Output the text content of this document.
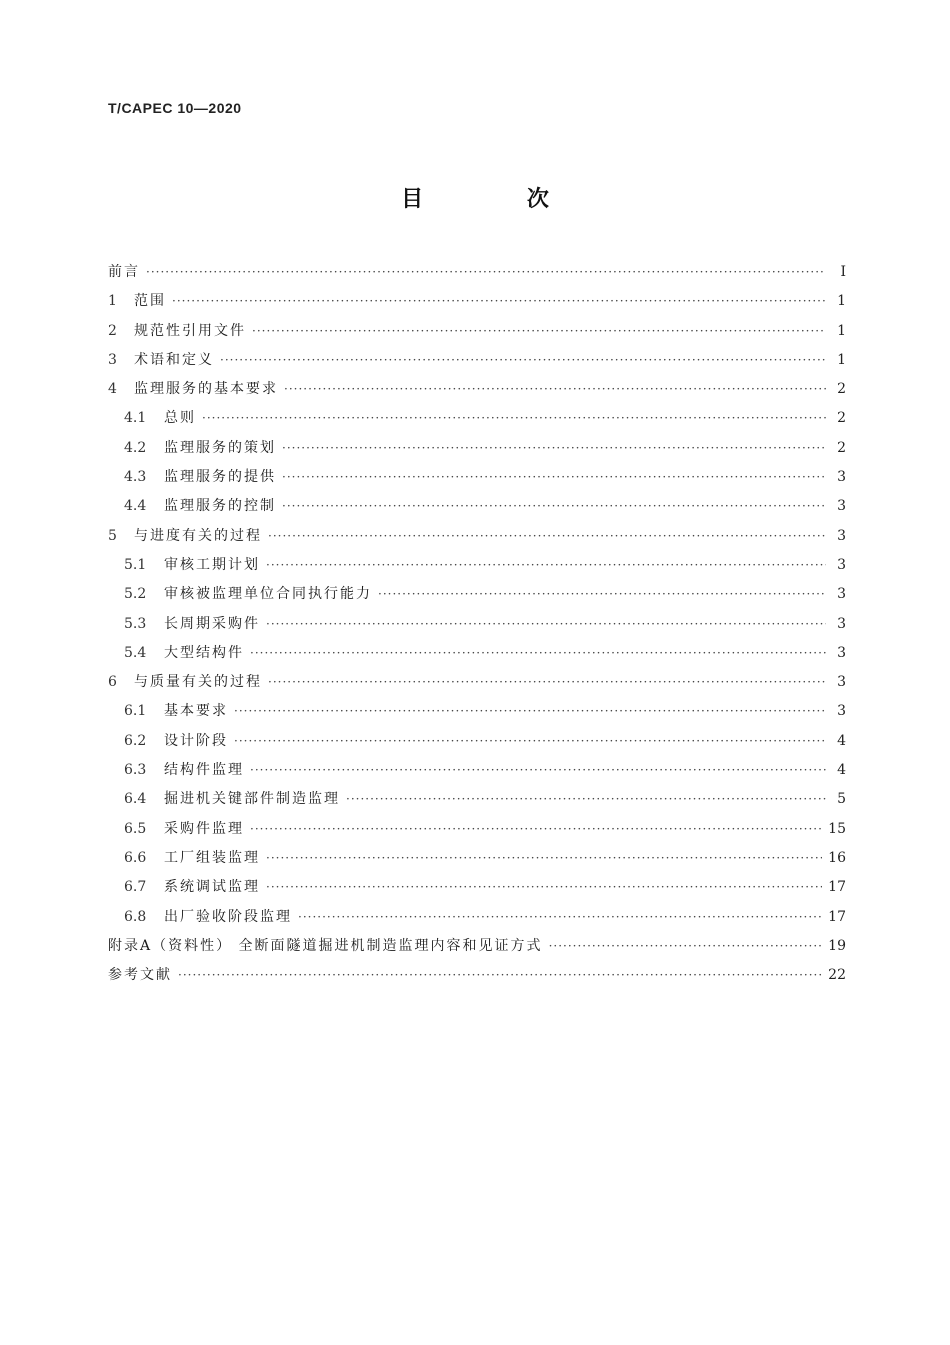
T/CAPEC 10—2020
目 次
前言 ·····	Ⅰ
1	范围 ·····	1
2	规范性引用文件 ·····	1
3	术语和定义 ·····	1
4	监理服务的基本要求 ·····	2
4.1	总则 ·····	2
4.2	监理服务的策划 ·····	2
4.3	监理服务的提供 ·····	3
4.4	监理服务的控制 ·····	3
5	与进度有关的过程 ·····	3
5.1	审核工期计划 ·····	3
5.2	审核被监理单位合同执行能力 ·····	3
5.3	长周期采购件 ·····	3
5.4	大型结构件 ·····	3
6	与质量有关的过程 ·····	3
6.1	基本要求 ·····	3
6.2	设计阶段 ·····	4
6.3	结构件监理 ·····	4
6.4	掘进机关键部件制造监理 ·····	5
6.5	采购件监理 ·····	15
6.6	工厂组装监理 ·····	16
6.7	系统调试监理 ·····	17
6.8	出厂验收阶段监理 ·····	17
附录A（资料性） 全断面隧道掘进机制造监理内容和见证方式 ·····	19
参考文献 ·····	22
